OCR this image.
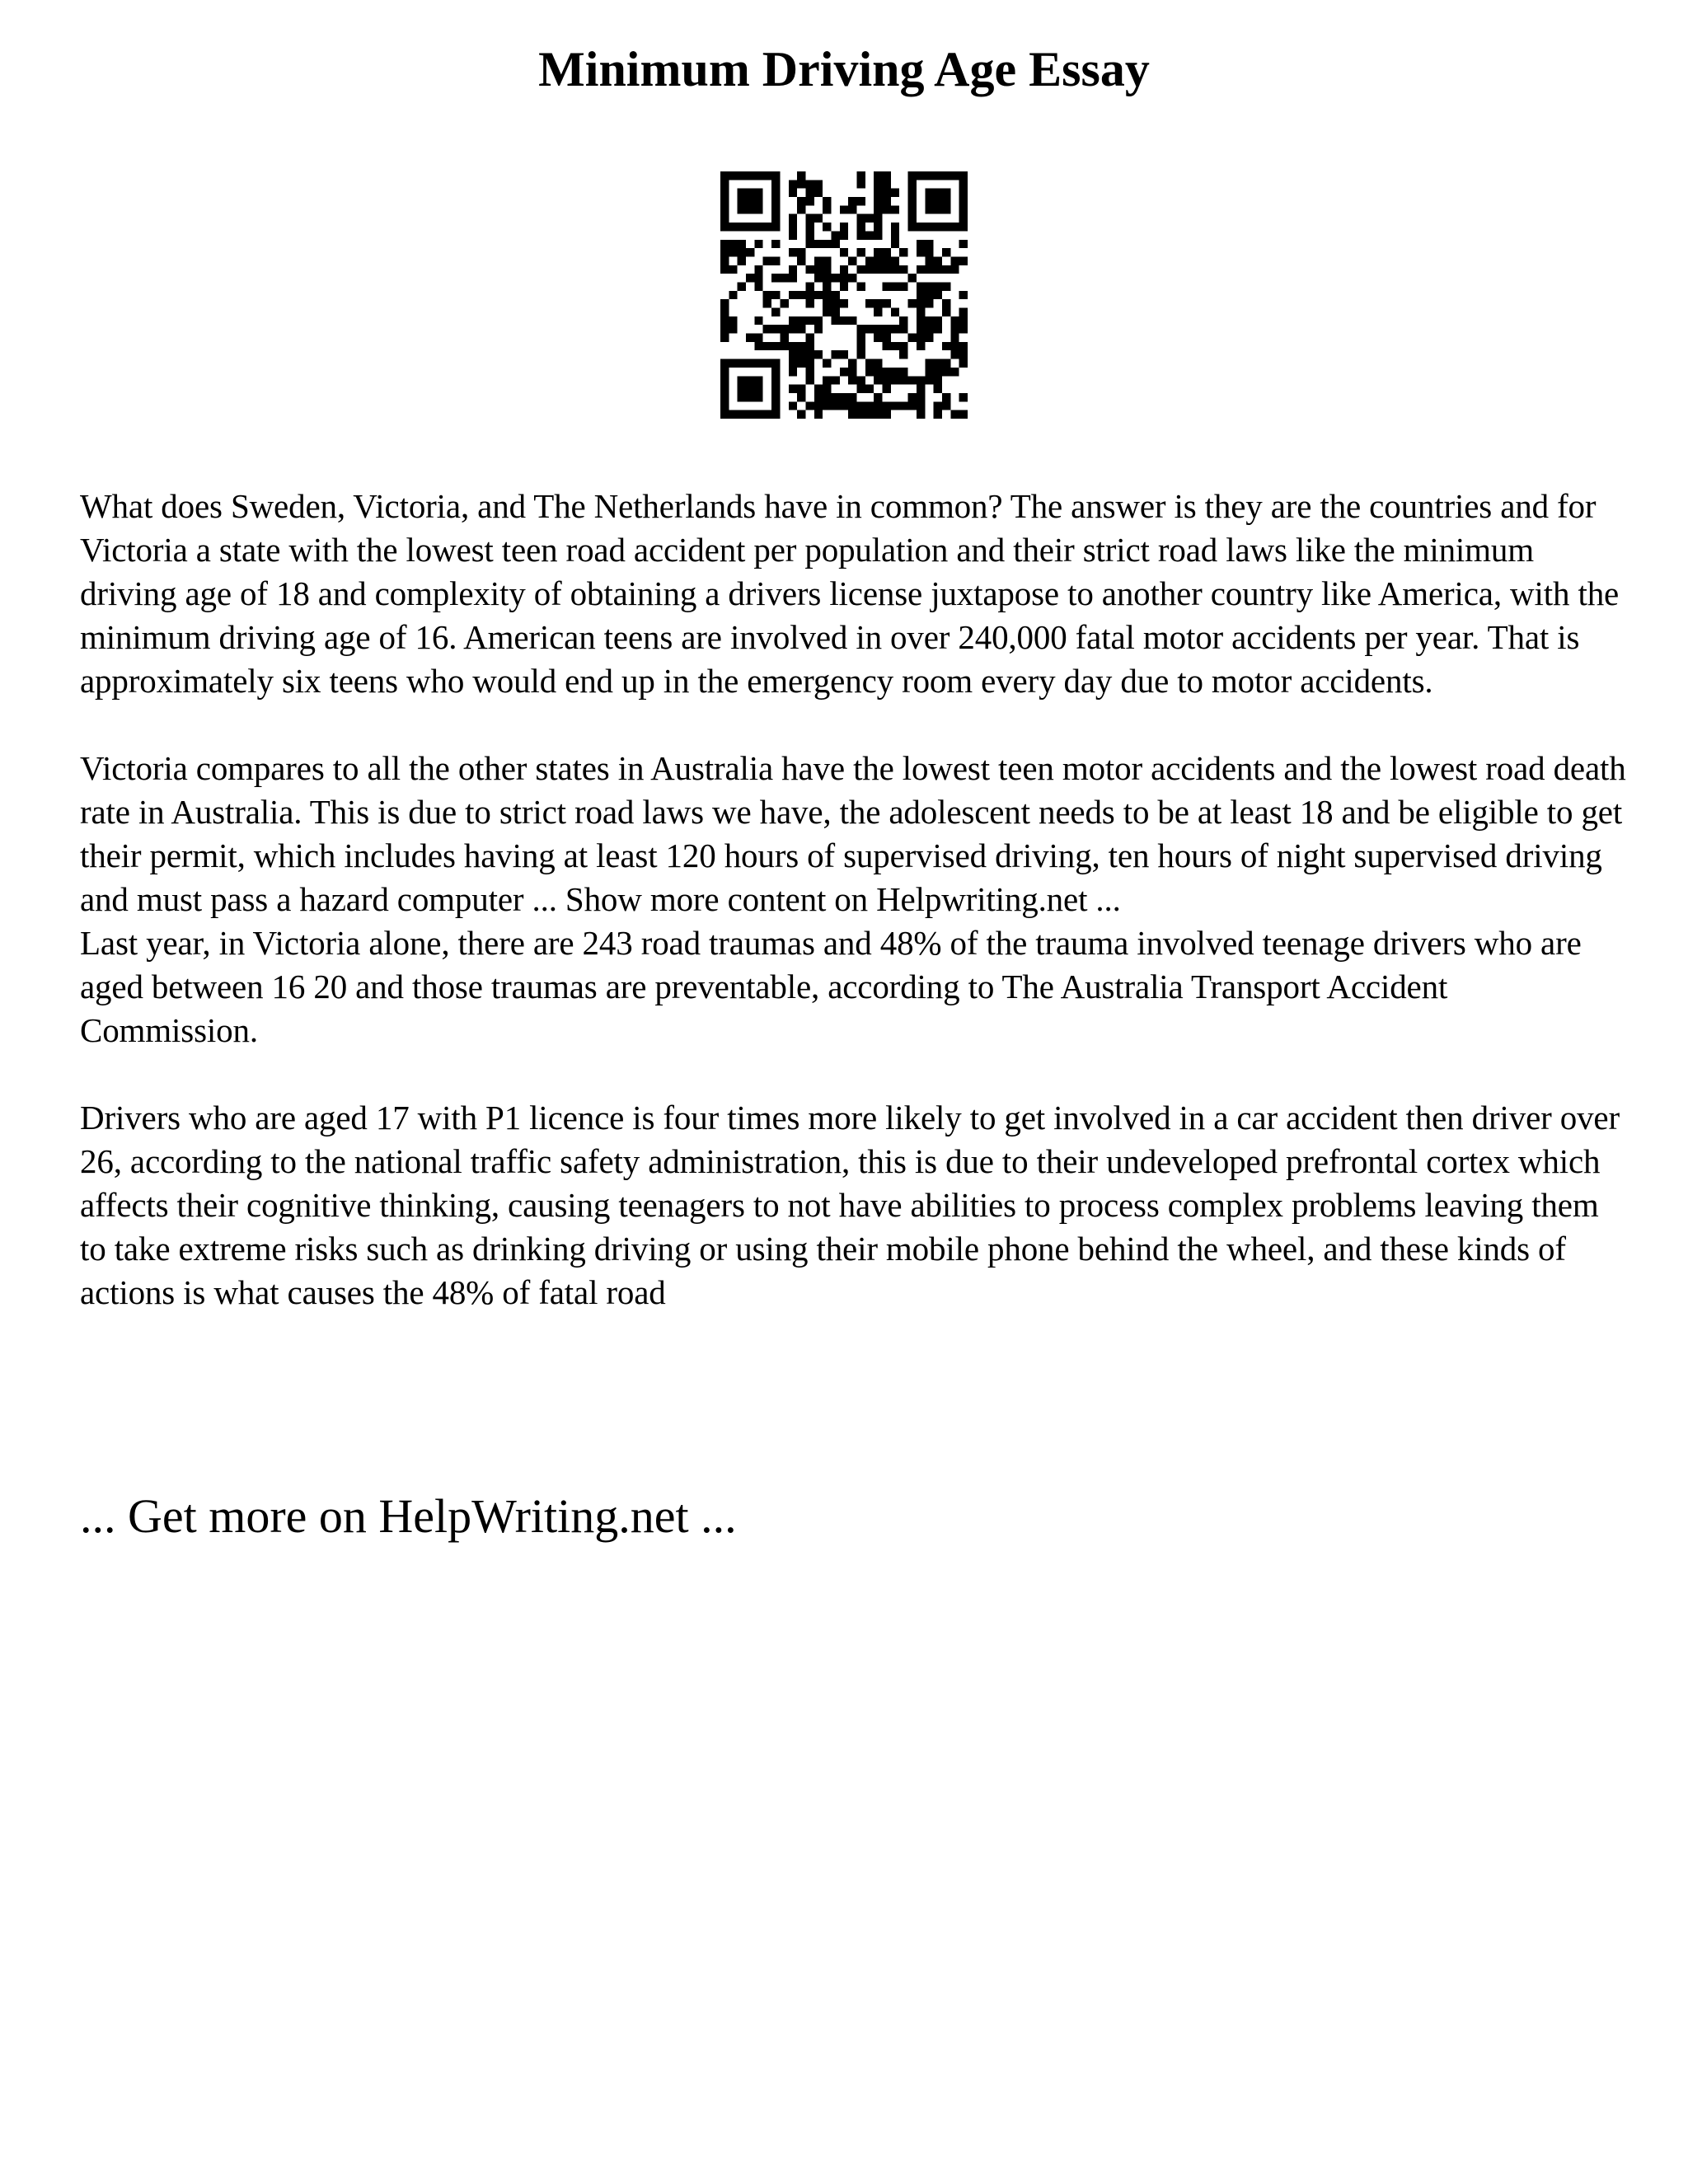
Minimum Driving Age Essay

What does Sweden, Victoria, and The Netherlands have in common? The answer is they are the countries and for Victoria a state with the lowest teen road accident per population and their strict road laws like the minimum driving age of 18 and complexity of obtaining a drivers license juxtapose to another country like America, with the minimum driving age of 16. American teens are involved in over 240,000 fatal motor accidents per year. That is approximately six teens who would end up in the emergency room every day due to motor accidents.

Victoria compares to all the other states in Australia have the lowest teen motor accidents and the lowest road death rate in Australia. This is due to strict road laws we have, the adolescent needs to be at least 18 and be eligible to get their permit, which includes having at least 120 hours of supervised driving, ten hours of night supervised driving and must pass a hazard computer ... Show more content on Helpwriting.net ...

Last year, in Victoria alone, there are 243 road traumas and 48% of the trauma involved teenage drivers who are aged between 16 20 and those traumas are preventable, according to The Australia Transport Accident Commission.

Drivers who are aged 17 with P1 licence is four times more likely to get involved in a car accident then driver over 26, according to the national traffic safety administration, this is due to their undeveloped prefrontal cortex which affects their cognitive thinking, causing teenagers to not have abilities to process complex problems leaving them to take extreme risks such as drinking driving or using their mobile phone behind the wheel, and these kinds of actions is what causes the 48% of fatal road

... Get more on HelpWriting.net ...
